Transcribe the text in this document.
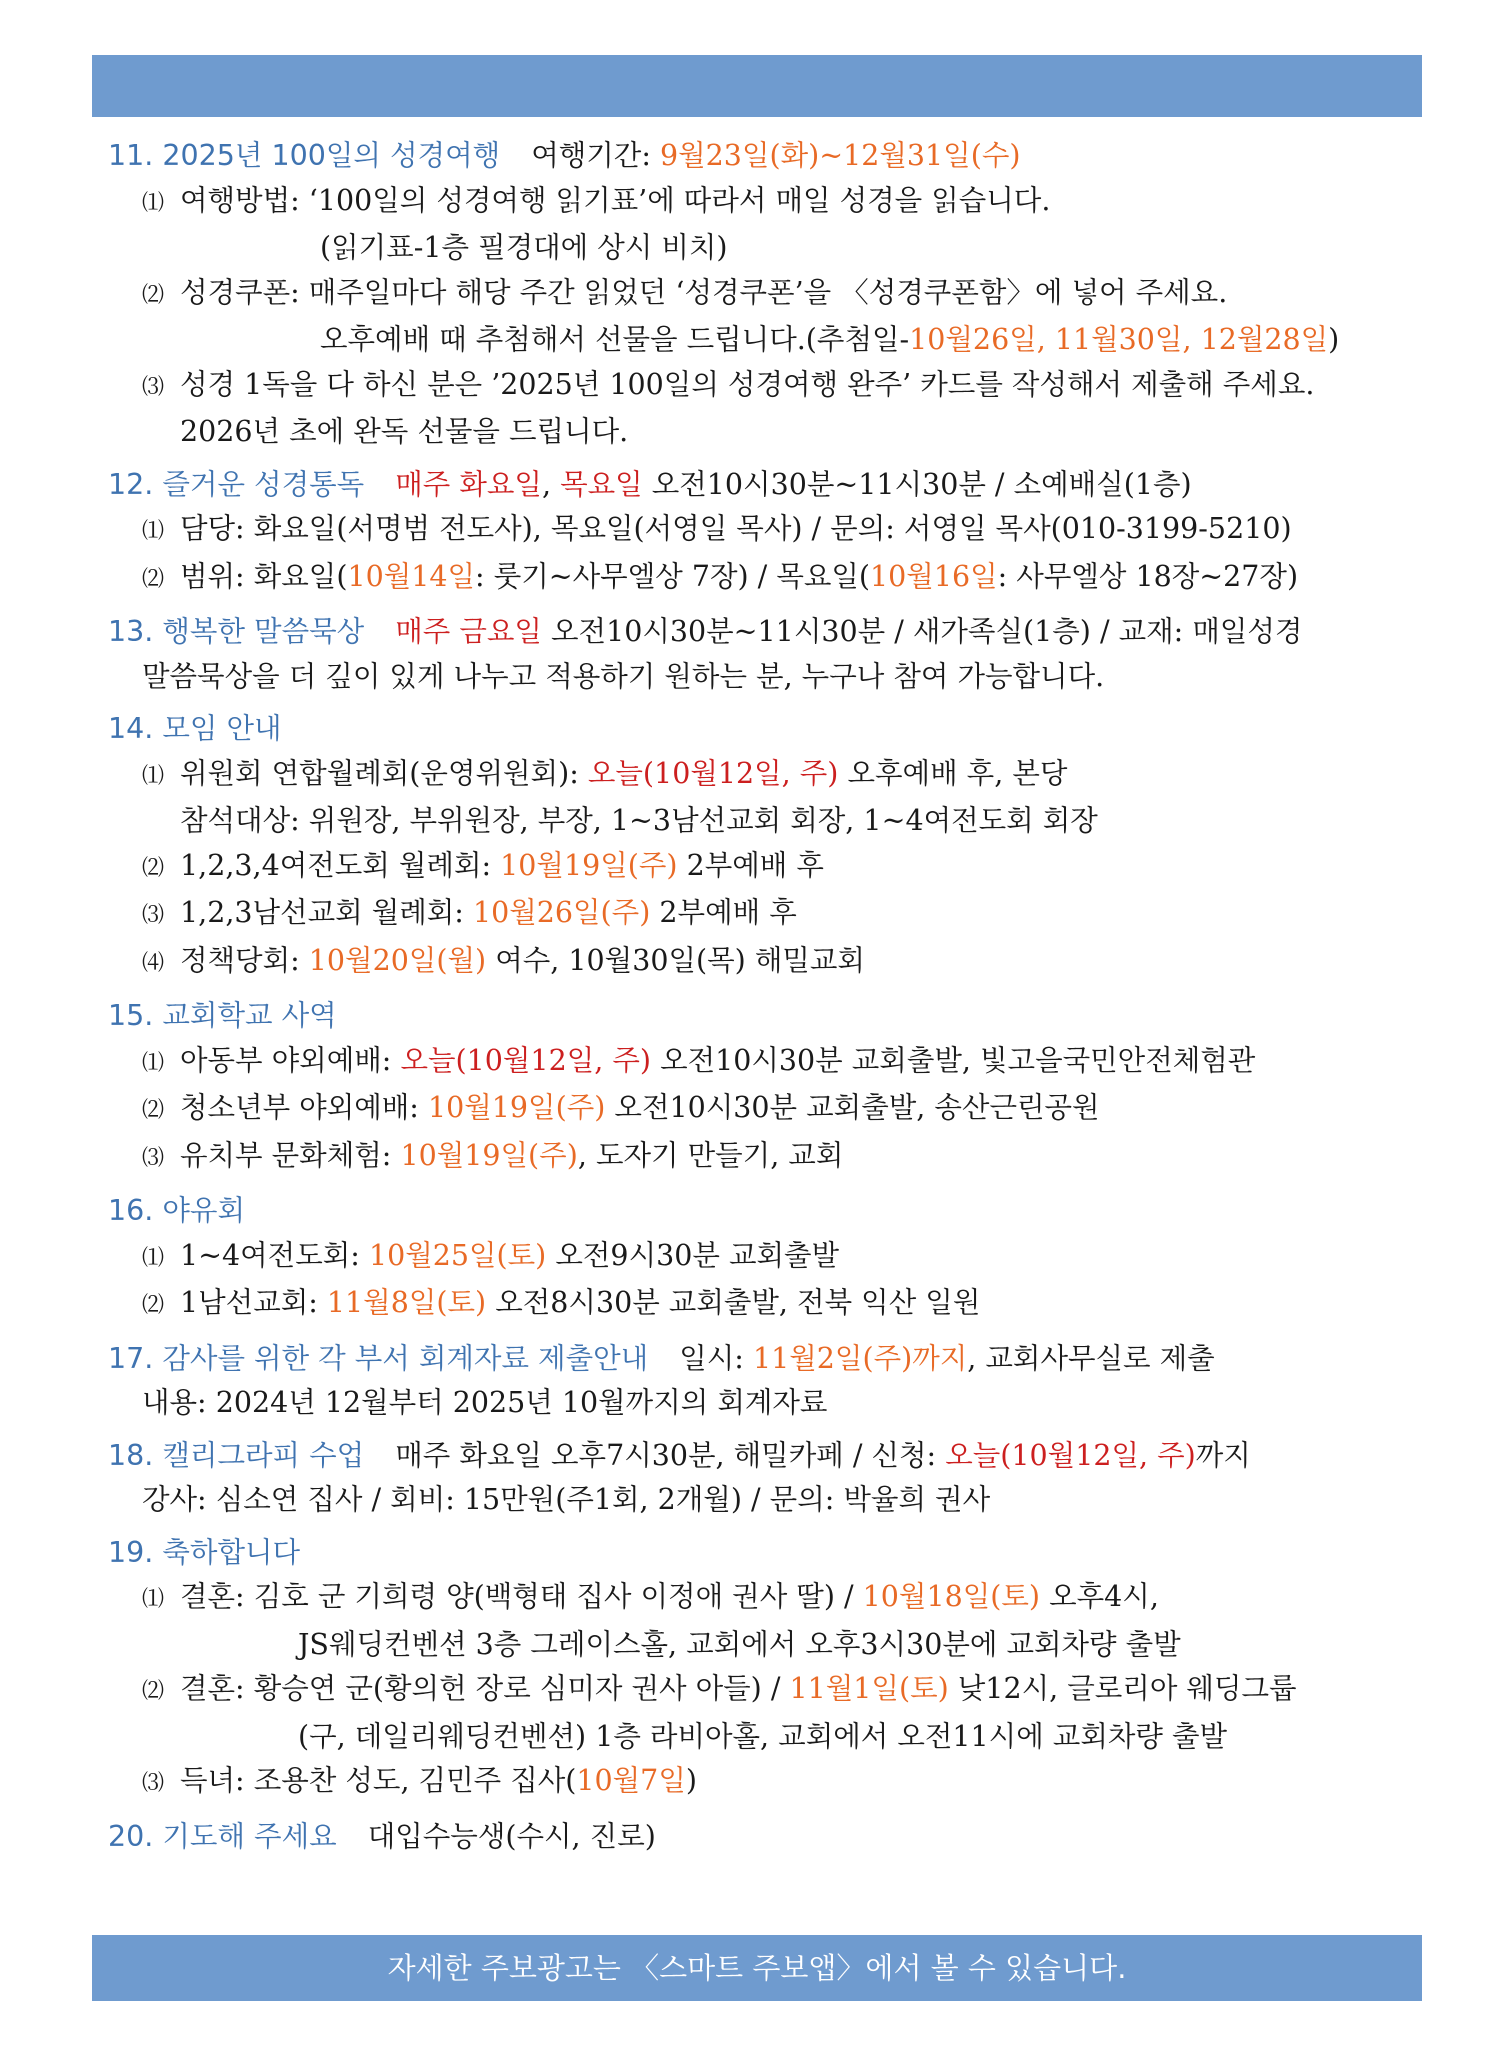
11. 2025년 100일의 성경여행 여행기간: 9월23일(화)~12월31일(수)
⑴ 여행방법: ‘100일의 성경여행 읽기표’에 따라서 매일 성경을 읽습니다.
(읽기표-1층 필경대에 상시 비치)
⑵ 성경쿠폰: 매주일마다 해당 주간 읽었던 ‘성경쿠폰’을 〈성경쿠폰함〉에 넣어 주세요.
오후예배 때 추첨해서 선물을 드립니다.(추첨일-10월26일, 11월30일, 12월28일)
⑶ 성경 1독을 다 하신 분은 ’2025년 100일의 성경여행 완주’ 카드를 작성해서 제출해 주세요.
2026년 초에 완독 선물을 드립니다.
12. 즐거운 성경통독 매주 화요일, 목요일 오전10시30분~11시30분 / 소예배실(1층)
⑴ 담당: 화요일(서명범 전도사), 목요일(서영일 목사) / 문의: 서영일 목사(010-3199-5210)
⑵ 범위: 화요일(10월14일: 룻기~사무엘상 7장) / 목요일(10월16일: 사무엘상 18장~27장)
13. 행복한 말씀묵상 매주 금요일 오전10시30분~11시30분 / 새가족실(1층) / 교재: 매일성경
말씀묵상을 더 깊이 있게 나누고 적용하기 원하는 분, 누구나 참여 가능합니다.
14. 모임 안내
⑴ 위원회 연합월례회(운영위원회): 오늘(10월12일, 주) 오후예배 후, 본당
참석대상: 위원장, 부위원장, 부장, 1~3남선교회 회장, 1~4여전도회 회장
⑵ 1,2,3,4여전도회 월례회: 10월19일(주) 2부예배 후
⑶ 1,2,3남선교회 월례회: 10월26일(주) 2부예배 후
⑷ 정책당회: 10월20일(월) 여수, 10월30일(목) 해밀교회
15. 교회학교 사역
⑴ 아동부 야외예배: 오늘(10월12일, 주) 오전10시30분 교회출발, 빛고을국민안전체험관
⑵ 청소년부 야외예배: 10월19일(주) 오전10시30분 교회출발, 송산근린공원
⑶ 유치부 문화체험: 10월19일(주), 도자기 만들기, 교회
16. 야유회
⑴ 1~4여전도회: 10월25일(토) 오전9시30분 교회출발
⑵ 1남선교회: 11월8일(토) 오전8시30분 교회출발, 전북 익산 일원
17. 감사를 위한 각 부서 회계자료 제출안내 일시: 11월2일(주)까지, 교회사무실로 제출
내용: 2024년 12월부터 2025년 10월까지의 회계자료
18. 캘리그라피 수업 매주 화요일 오후7시30분, 해밀카페 / 신청: 오늘(10월12일, 주)까지
강사: 심소연 집사 / 회비: 15만원(주1회, 2개월) / 문의: 박율희 권사
19. 축하합니다
⑴ 결혼: 김호 군 기희령 양(백형태 집사 이정애 권사 딸) / 10월18일(토) 오후4시,
JS웨딩컨벤션 3층 그레이스홀, 교회에서 오후3시30분에 교회차량 출발
⑵ 결혼: 황승연 군(황의헌 장로 심미자 권사 아들) / 11월1일(토) 낮12시, 글로리아 웨딩그룹
(구, 데일리웨딩컨벤션) 1층 라비아홀, 교회에서 오전11시에 교회차량 출발
⑶ 득녀: 조용찬 성도, 김민주 집사(10월7일)
20. 기도해 주세요 대입수능생(수시, 진로)
자세한 주보광고는 〈스마트 주보앱〉에서 볼 수 있습니다.
